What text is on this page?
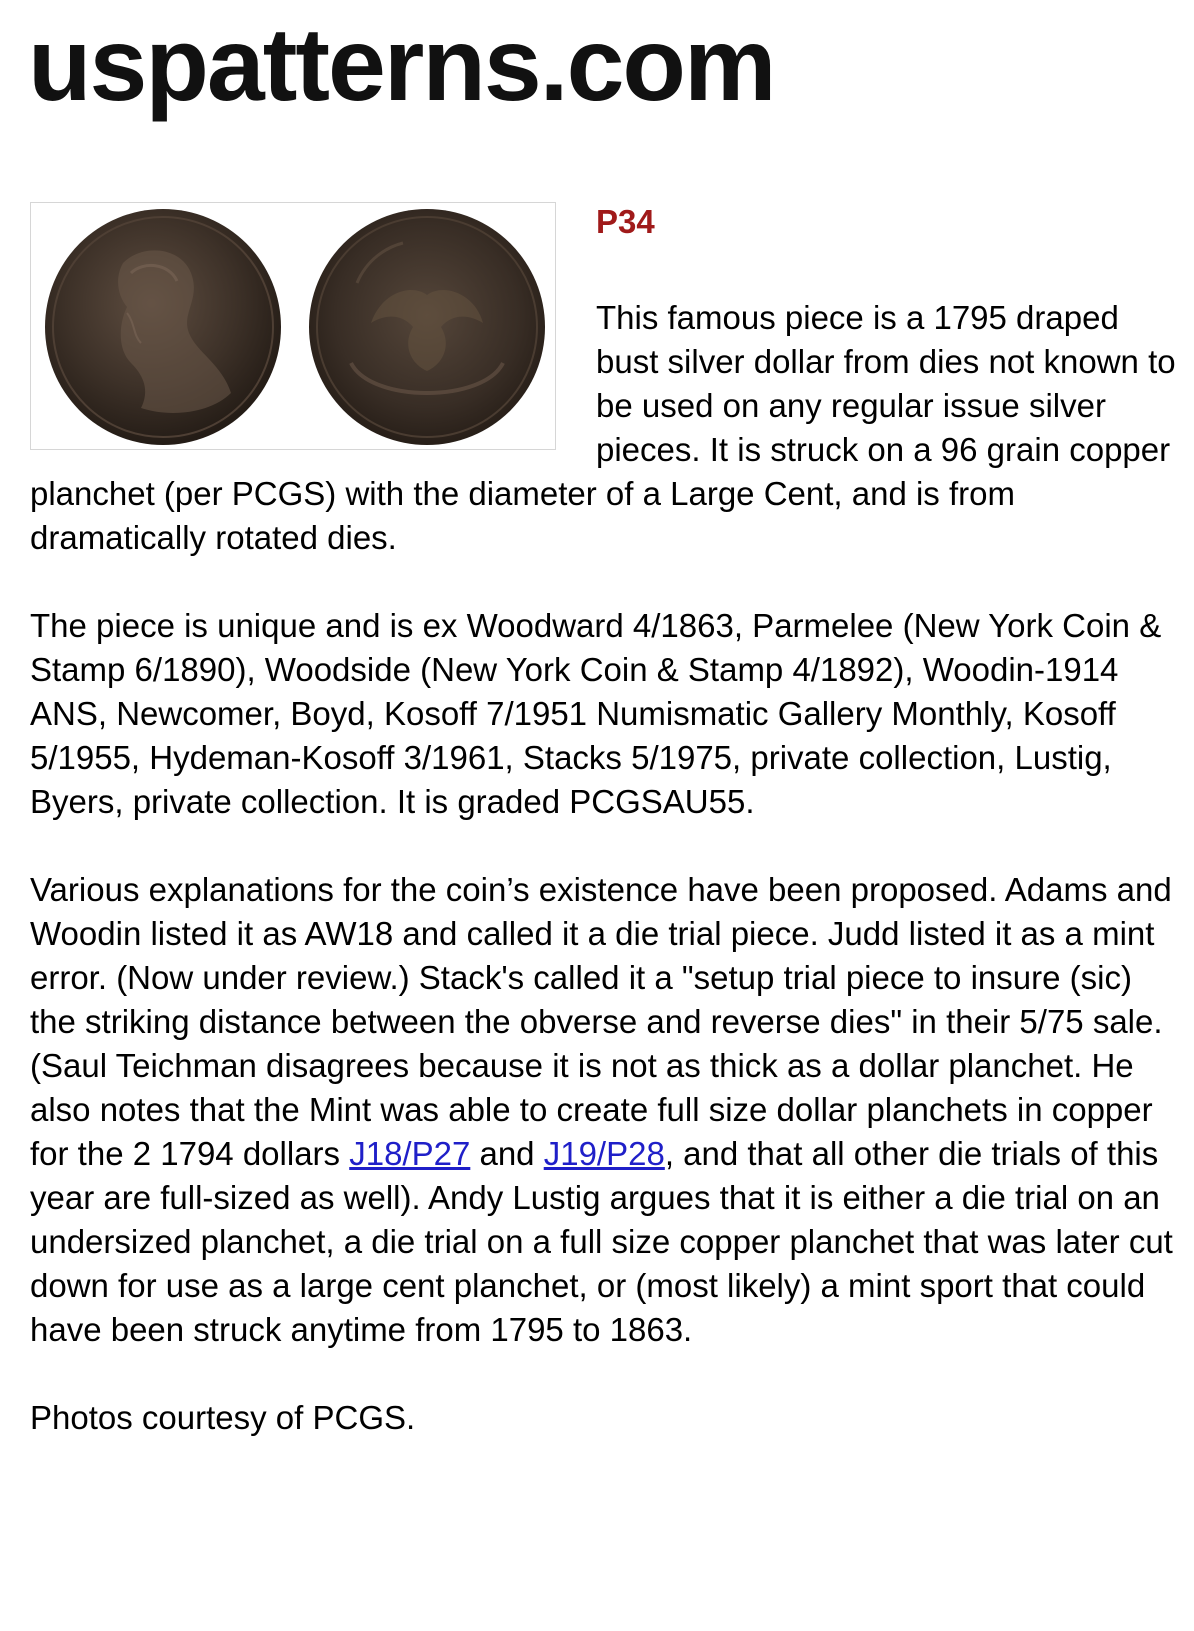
uspatterns.com
P34

This famous piece is a 1795 draped bust silver dollar from dies not known to be used on any regular issue silver pieces. It is struck on a 96 grain copper planchet (per PCGS) with the diameter of a Large Cent, and is from dramatically rotated dies.

The piece is unique and is ex Woodward 4/1863, Parmelee (New York Coin & Stamp 6/1890), Woodside (New York Coin & Stamp 4/1892), Woodin-1914 ANS, Newcomer, Boyd, Kosoff 7/1951 Numismatic Gallery Monthly, Kosoff 5/1955, Hydeman-Kosoff 3/1961, Stacks 5/1975, private collection, Lustig, Byers, private collection. It is graded PCGSAU55.

Various explanations for the coin’s existence have been proposed. Adams and Woodin listed it as AW18 and called it a die trial piece. Judd listed it as a mint error. (Now under review.) Stack's called it a "setup trial piece to insure (sic) the striking distance between the obverse and reverse dies" in their 5/75 sale. (Saul Teichman disagrees because it is not as thick as a dollar planchet. He also notes that the Mint was able to create full size dollar planchets in copper for the 2 1794 dollars J18/P27 and J19/P28, and that all other die trials of this year are full-sized as well). Andy Lustig argues that it is either a die trial on an undersized planchet, a die trial on a full size copper planchet that was later cut down for use as a large cent planchet, or (most likely) a mint sport that could have been struck anytime from 1795 to 1863.

Photos courtesy of PCGS.
